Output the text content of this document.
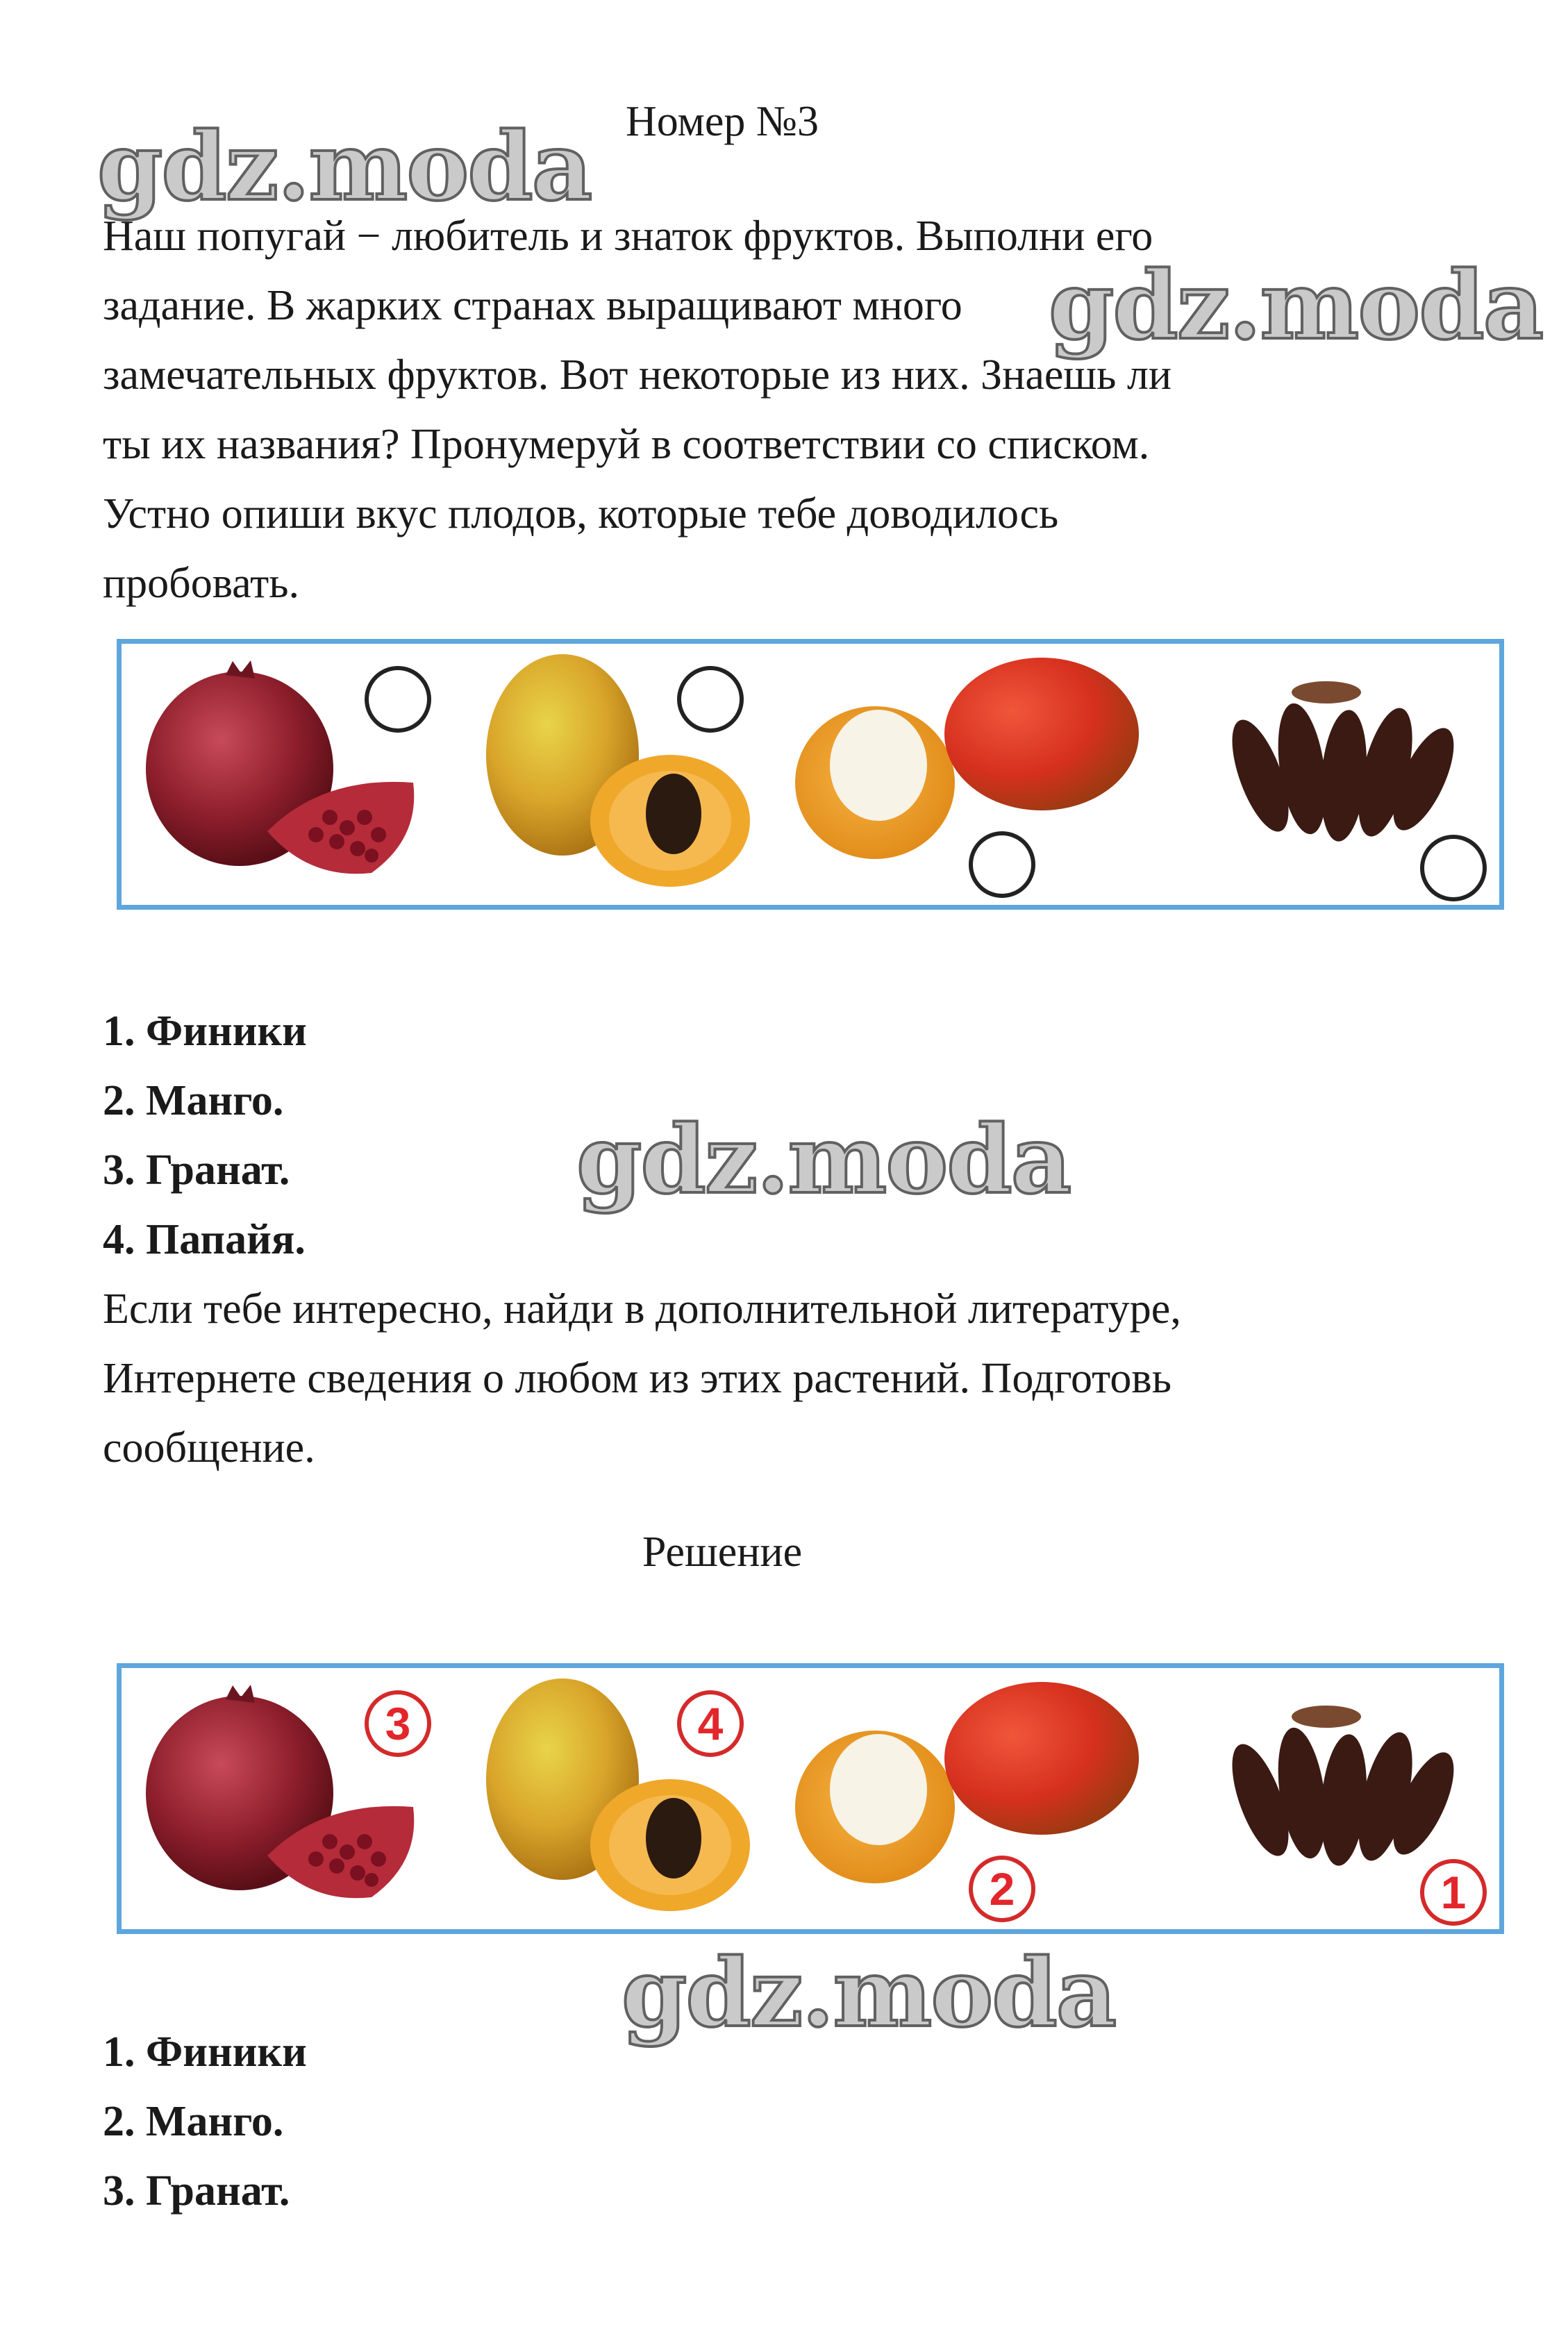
Номер №3
Наш попугай − любитель и знаток фруктов. Выполни его
задание. В жарких странах выращивают много
замечательных фруктов. Вот некоторые из них. Знаешь ли
ты их названия? Пронумеруй в соответствии со списком.
Устно опиши вкус плодов, которые тебе доводилось
пробовать.
1. Финики
2. Манго.
3. Гранат.
4. Папайя.
Если тебе интересно, найди в дополнительной литературе,
Интернете сведения о любом из этих растений. Подготовь
сообщение.
Решение
3	4
2	1
1. Финики
2. Манго.
3. Гранат.
gdz.moda
gdz.moda
gdz.moda
gdz.moda
